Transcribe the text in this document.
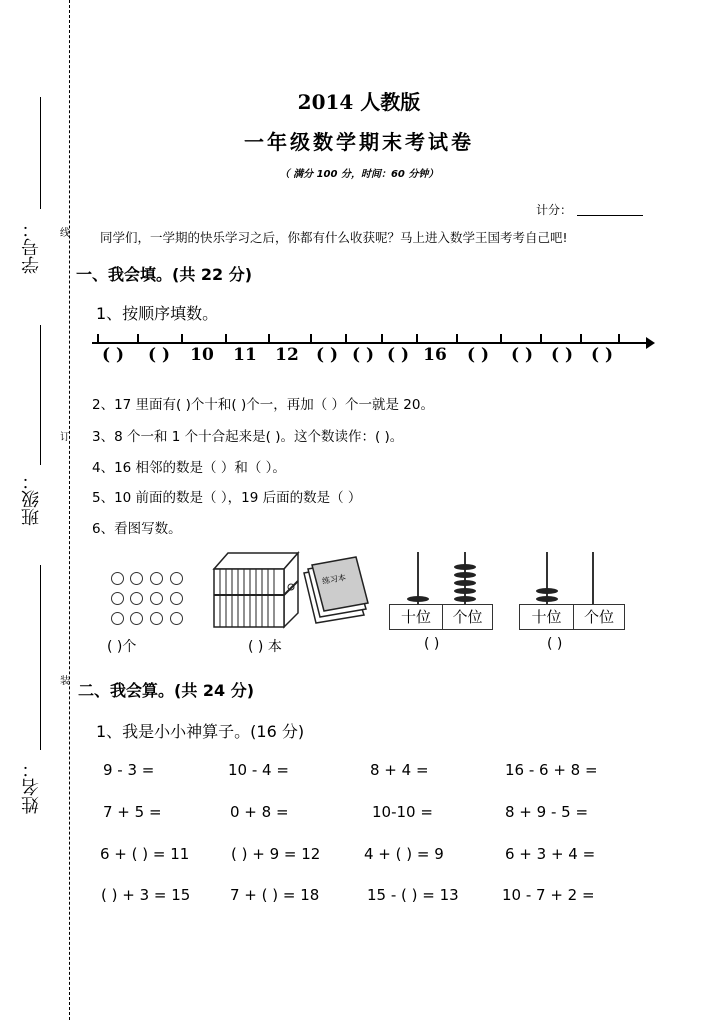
学号：
班级：
姓名：
线
订
装
2014 人教版
一年级数学期末考试卷
（ 满分 100 分，时间：60 分钟）
计分：
同学们，一学期的快乐学习之后，你都有什么收获呢？马上进入数学王国考考自己吧!
一、我会填。(共 22 分)
1、按顺序填数。
( )	( )	10	11	12	( ) ( ) ( ) 16	( )	( )	( )	( )
2、17 里面有( )个十和( )个一，再加（ ）个一就是 20。
3、8 个一和 1 个十合起来是( )。这个数读作：( )。
4、16 相邻的数是（ ）和（ ）。
5、10 前面的数是（ ），19 后面的数是（ ）
6、看图写数。
( )个
练习本
( ) 本
十位	个位
( )
十位	个位
( )
二、我会算。(共 24 分)
1、我是小小神算子。(16 分)
9 - 3 =	10 - 4 =	8 + 4 =	16 - 6 + 8 =
7 + 5 =	0 + 8 =	10-10 =	8 + 9 - 5 =
6 + ( ) = 11	( ) + 9 = 12	4 + ( ) = 9	6 + 3 + 4 =
( ) + 3 = 15	7 + ( ) = 18	15 - ( ) = 13	10 - 7 + 2 =
